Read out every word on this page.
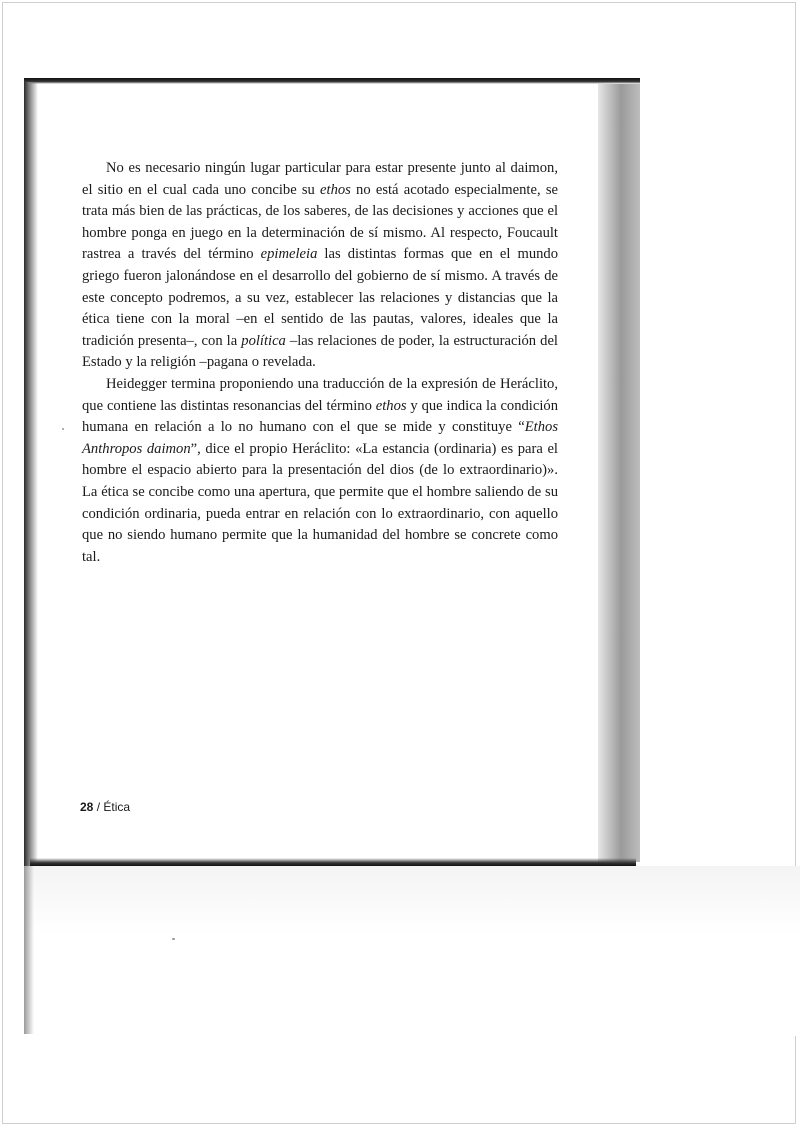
No es necesario ningún lugar particular para estar presente junto al daimon, el sitio en el cual cada uno concibe su ethos no está acotado especialmente, se trata más bien de las prácticas, de los saberes, de las decisiones y acciones que el hombre ponga en juego en la determinación de sí mismo. Al respecto, Foucault rastrea a través del término epimeleia las distintas formas que en el mundo griego fueron jalonándose en el desarrollo del gobierno de sí mismo. A través de este concepto podremos, a su vez, establecer las relaciones y distancias que la ética tiene con la moral –en el sentido de las pautas, valores, ideales que la tradición presenta–, con la política –las relaciones de poder, la estructuración del Estado y la religión –pagana o revelada.

Heidegger termina proponiendo una traducción de la expresión de Heráclito, que contiene las distintas resonancias del término ethos y que indica la condición humana en relación a lo no humano con el que se mide y constituye “Ethos Anthropos daimon”, dice el propio Heráclito: «La estancia (ordinaria) es para el hombre el espacio abierto para la presentación del dios (de lo extraordinario)». La ética se concibe como una apertura, que permite que el hombre saliendo de su condición ordinaria, pueda entrar en relación con lo extraordinario, con aquello que no siendo humano permite que la humanidad del hombre se concrete como tal.

28 / Ética
